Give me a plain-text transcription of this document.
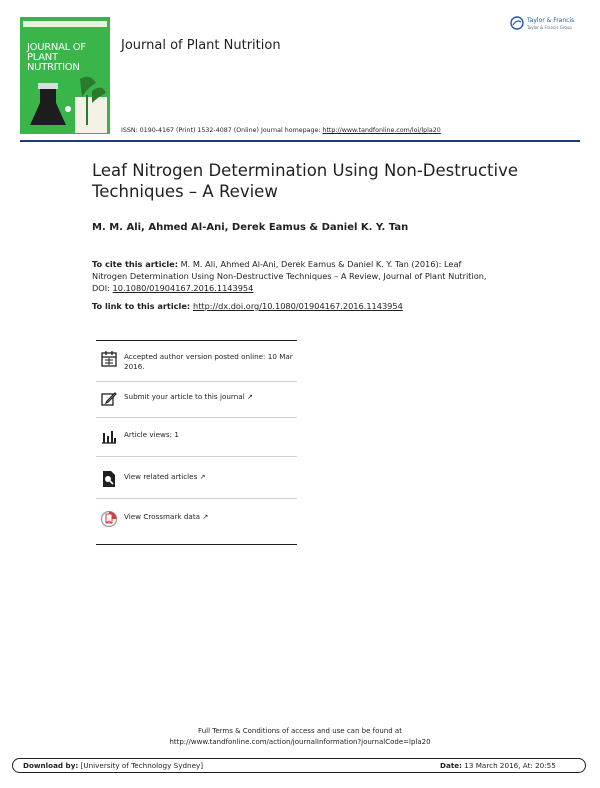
JOURNAL OF PLANT NUTRITION
Journal of Plant Nutrition
ISSN: 0190-4167 (Print) 1532-4087 (Online) Journal homepage: http://www.tandfonline.com/loi/lpla20
Taylor & Francis
Taylor & Francis Group
Leaf Nitrogen Determination Using Non-Destructive Techniques – A Review
M. M. Ali, Ahmed Al-Ani, Derek Eamus & Daniel K. Y. Tan
To cite this article: M. M. Ali, Ahmed Al-Ani, Derek Eamus & Daniel K. Y. Tan (2016): Leaf Nitrogen Determination Using Non-Destructive Techniques – A Review, Journal of Plant Nutrition, DOI: 10.1080/01904167.2016.1143954
To link to this article: http://dx.doi.org/10.1080/01904167.2016.1143954
Accepted author version posted online: 10 Mar 2016.
Submit your article to this journal ↗
Article views: 1
View related articles ↗
View Crossmark data ↗
Full Terms & Conditions of access and use can be found at
http://www.tandfonline.com/action/journalInformation?journalCode=lpla20
Download by: [University of Technology Sydney]	Date: 13 March 2016, At: 20:55
